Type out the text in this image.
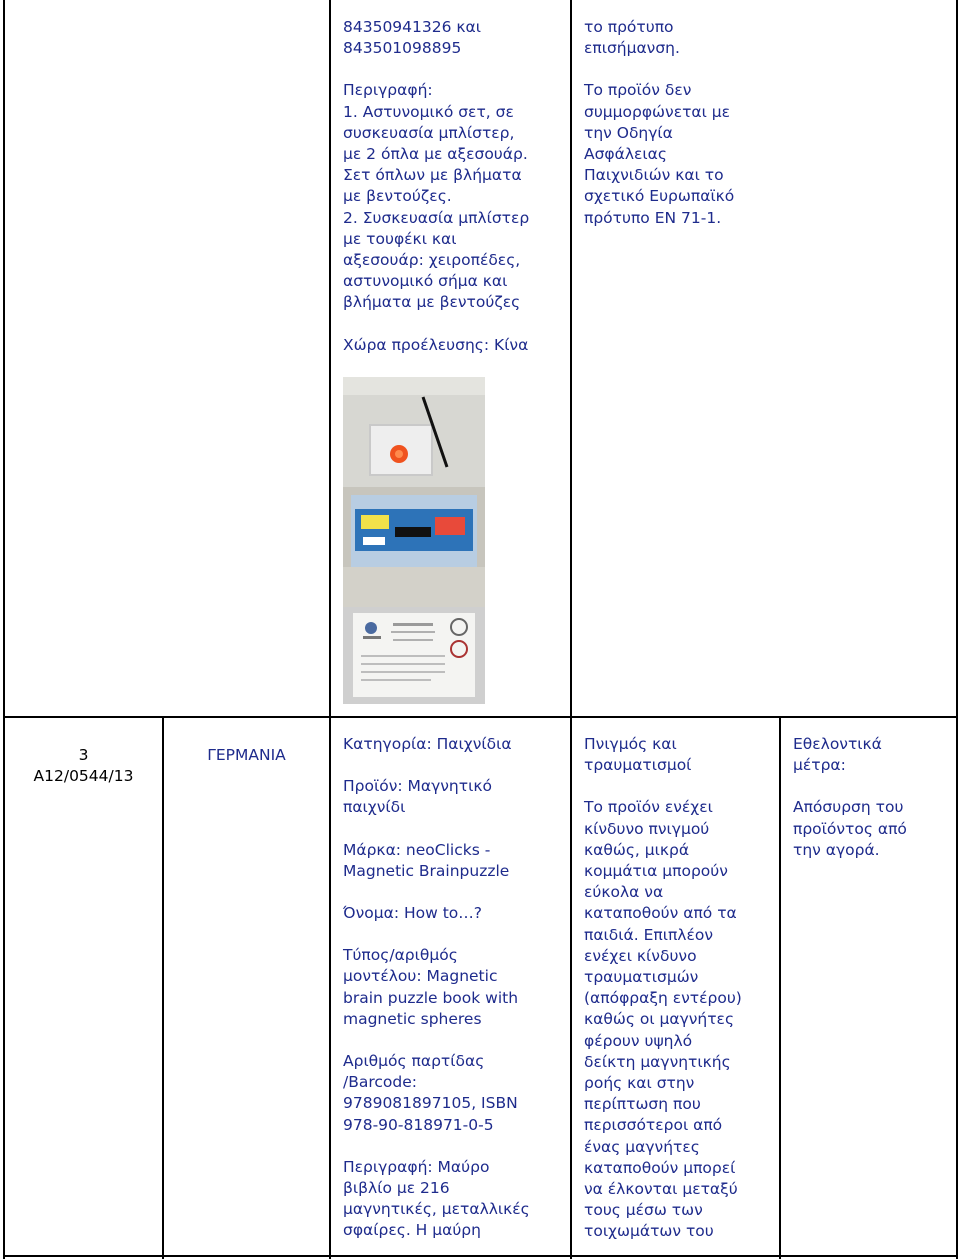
84350941326 και
843501098895

Περιγραφή:

1. Αστυνομικό σετ, σε
συσκευασία μπλίστερ,
με 2 όπλα με αξεσουάρ.
Σετ όπλων με βλήματα
με βεντούζες.
2. Συσκευασία μπλίστερ
με τουφέκι και
αξεσουάρ: χειροπέδες,
αστυνομικό σήμα και
βλήματα με βεντούζες

Χώρα προέλευσης: Κίνα

το πρότυπο
επισήμανση.

Το προϊόν δεν
συμμορφώνεται με
την Οδηγία
Ασφάλειας
Παιχνιδιών και το
σχετικό Ευρωπαϊκό
πρότυπο EN 71-1.

3

A12/0544/13

ΓΕΡΜΑΝΙΑ

Κατηγορία: Παιχνίδια

Προϊόν: Μαγνητικό
παιχνίδι

Μάρκα: neoClicks -
Magnetic Brainpuzzle

Όνομα: How to…?

Τύπος/αριθμός
μοντέλου: Magnetic
brain puzzle book with
magnetic spheres

Αριθμός παρτίδας
/Barcode:
9789081897105, ISBN
978-90-818971-0-5

Περιγραφή: Μαύρο
βιβλίο με 216
μαγνητικές, μεταλλικές
σφαίρες. Η μαύρη

Πνιγμός και
τραυματισμοί

Το προϊόν ενέχει
κίνδυνο πνιγμού
καθώς, μικρά
κομμάτια μπορούν
εύκολα να
καταποθούν από τα
παιδιά. Επιπλέον
ενέχει κίνδυνο
τραυματισμών
(απόφραξη εντέρου)
καθώς οι μαγνήτες
φέρουν υψηλό
δείκτη μαγνητικής
ροής και στην
περίπτωση που
περισσότεροι από
ένας μαγνήτες
καταποθούν μπορεί
να έλκονται μεταξύ
τους μέσω των
τοιχωμάτων του

Εθελοντικά
μέτρα:

Απόσυρση του
προϊόντος από
την αγορά.
